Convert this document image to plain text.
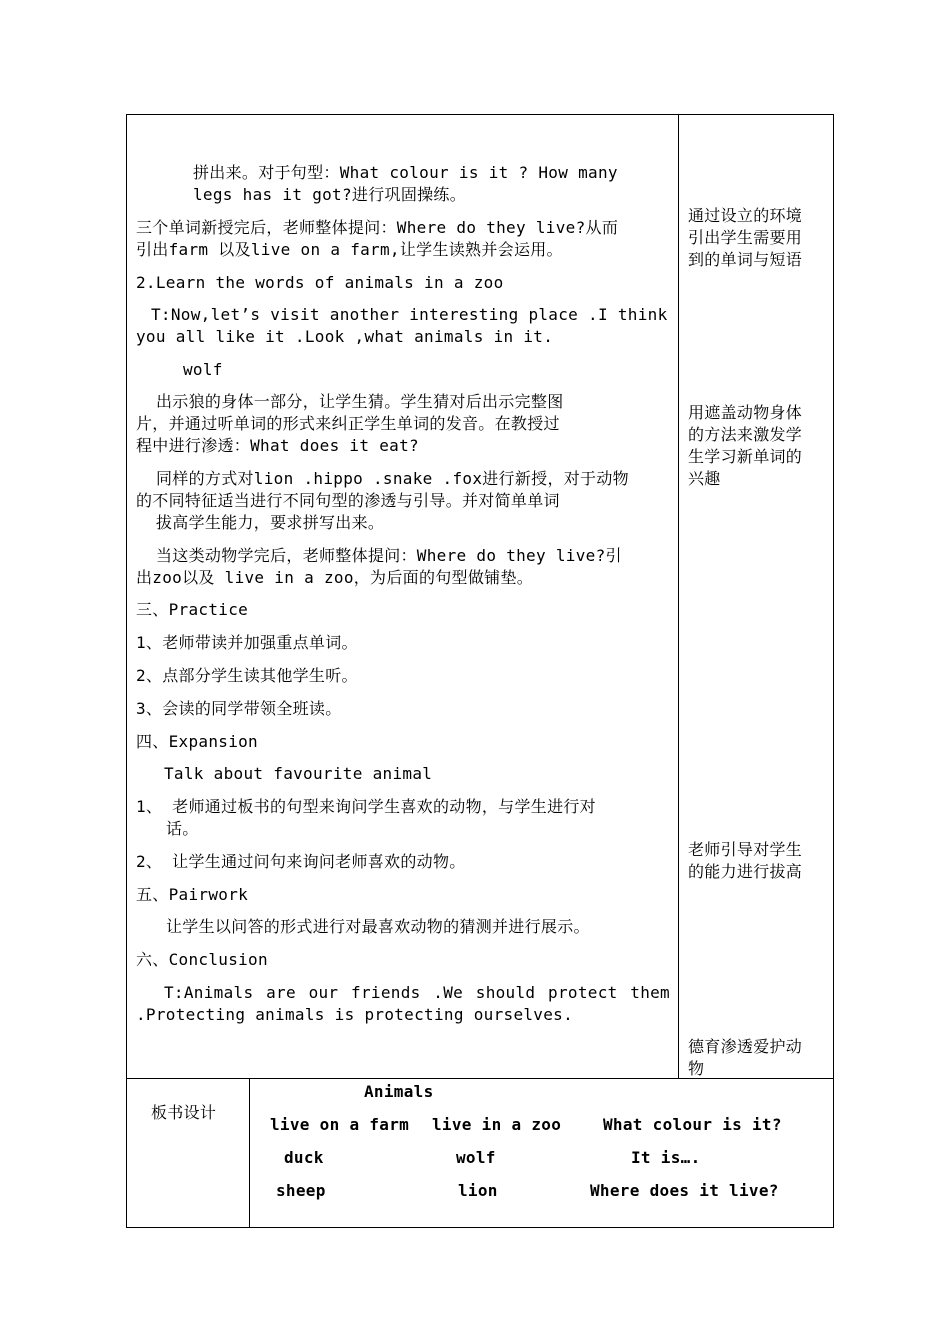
拼出来。对于句型：What colour is it ? How many
legs has it got?进行巩固操练。
三个单词新授完后，老师整体提问：Where do they live?从而
引出farm 以及live on a farm,让学生读熟并会运用。
2.Learn the words of animals in a zoo
T:Now,let’s visit another interesting place .I think
you all like it .Look ,what animals in it.
wolf
出示狼的身体一部分，让学生猜。学生猜对后出示完整图
片，并通过听单词的形式来纠正学生单词的发音。在教授过
程中进行渗透：What does it eat?
同样的方式对lion .hippo .snake .fox进行新授，对于动物
的不同特征适当进行不同句型的渗透与引导。并对简单单词
拔高学生能力，要求拼写出来。
当这类动物学完后，老师整体提问：Where do they live?引
出zoo以及 live in a zoo，为后面的句型做铺垫。
三、Practice
1、老师带读并加强重点单词。
2、点部分学生读其他学生听。
3、会读的同学带领全班读。
四、Expansion
Talk about favourite animal
1、 老师通过板书的句型来询问学生喜欢的动物，与学生进行对
话。
2、 让学生通过问句来询问老师喜欢的动物。
五、Pairwork
让学生以问答的形式进行对最喜欢动物的猜测并进行展示。
六、Conclusion
T:Animals are our friends .We should protect them
.Protecting animals is protecting ourselves.
通过设立的环境
引出学生需要用
到的单词与短语
用遮盖动物身体
的方法来激发学
生学习新单词的
兴趣
老师引导对学生
的能力进行拔高
德育渗透爱护动
物
板书设计
Animals
live on a farm live in a zoo	What colour is it?
duck	wolf	It is….
sheep	lion	Where does it live?
